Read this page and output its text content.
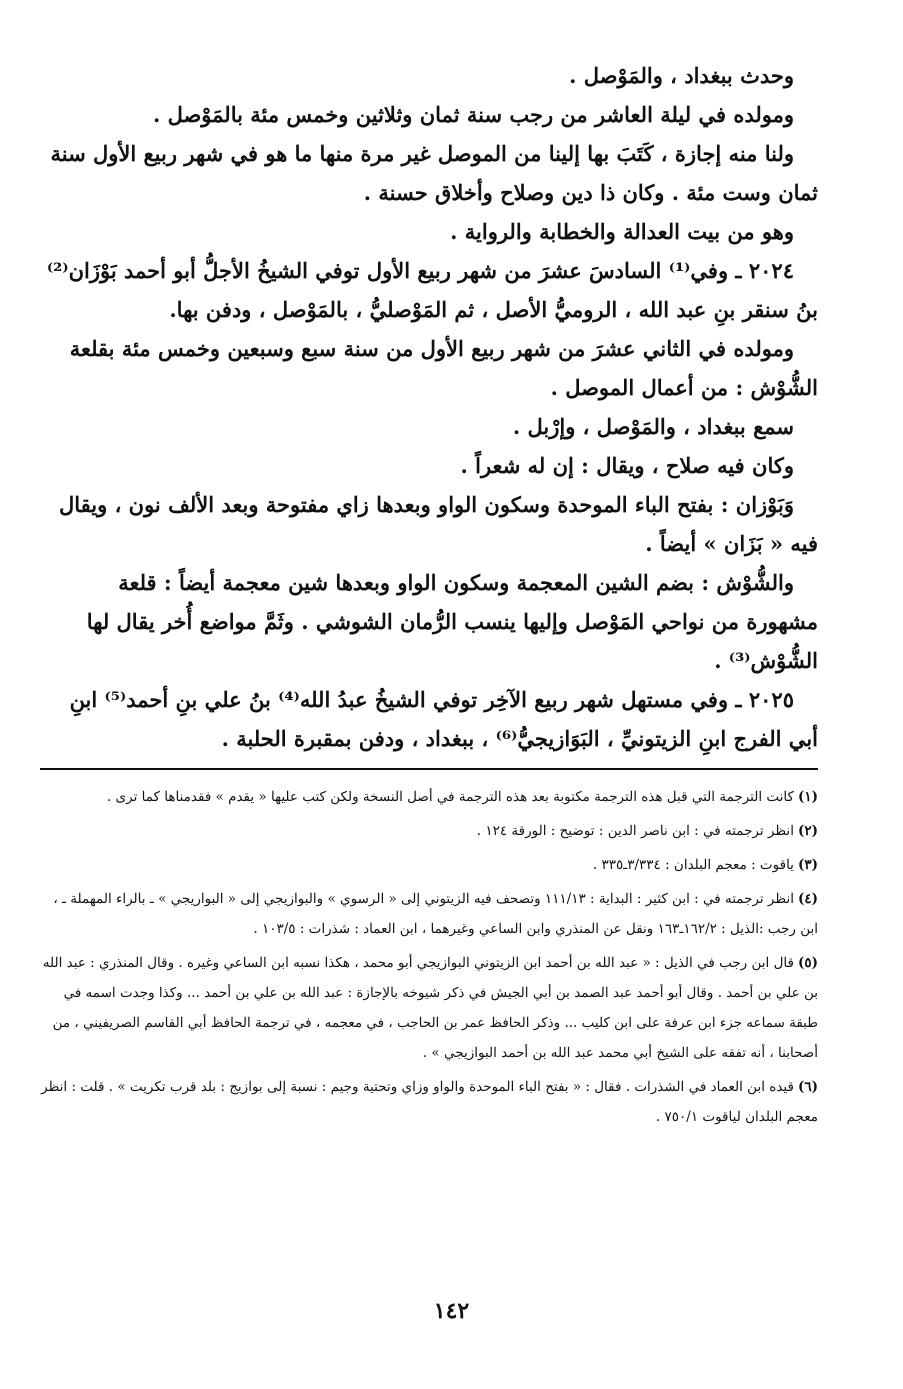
وحدث ببغداد ، والمَوْصل .

ومولده في ليلة العاشر من رجب سنة ثمان وثلاثين وخمس مئة بالمَوْصل .

ولنا منه إجازة ، كَتَبَ بها إلينا من الموصل غير مرة منها ما هو في شهر ربيع الأول سنة ثمان وست مئة . وكان ذا دين وصلاح وأخلاق حسنة .

وهو من بيت العدالة والخطابة والرواية .

٢٠٢٤ ـ وفي⁽¹⁾ السادسَ عشرَ من شهر ربيع الأول توفي الشيخُ الأجلُّ أبو أحمد بَوْزَان⁽²⁾ بنُ سنقر بنِ عبد الله ، الروميُّ الأصل ، ثم المَوْصليُّ ، بالمَوْصل ، ودفن بها.

ومولده في الثاني عشرَ من شهر ربيع الأول من سنة سبع وسبعين وخمس مئة بقلعة الشُّوْش : من أعمال الموصل .

سمع ببغداد ، والمَوْصل ، وإرْبل .

وكان فيه صلاح ، ويقال : إن له شعراً .

وَبَوْزان : بفتح الباء الموحدة وسكون الواو وبعدها زاي مفتوحة وبعد الألف نون ، ويقال فيه « بَزَان » أيضاً .

والشُّوْش : بضم الشين المعجمة وسكون الواو وبعدها شين معجمة أيضاً : قلعة مشهورة من نواحي المَوْصل وإليها ينسب الرُّمان الشوشي . وثَمَّ مواضع أُخر يقال لها الشُّوْش⁽³⁾ .

٢٠٢٥ ـ وفي مستهل شهر ربيع الآخِر توفي الشيخُ عبدُ الله⁽⁴⁾ بنُ علي بنِ أحمد⁽⁵⁾ ابنِ أبي الفرج ابنِ الزيتونيِّ ، البَوَازيجيُّ⁽⁶⁾ ، ببغداد ، ودفن بمقبرة الحلبة .

(١)كانت الترجمة التي قبل هذه الترجمة مكتوبة بعد هذه الترجمة في أصل النسخة ولكن كتب عليها « يقدم » فقدمناها كما ترى .

(٢)انظر ترجمته في : ابن ناصر الدين : توضيح : الورقة ١٢٤ .

(٣)ياقوت : معجم البلدان : ٣/٣٣٤ـ٣٣٥ .

(٤)انظر ترجمته في : ابن كثير : البداية : ١١١/١٣ وتصحف فيه الزيتوني إلى « الرسوي » والبوازيجي إلى « البواريجي » ـ بالراء المهملة ـ ، ابن رجب :الذيل : ١٦٢/٢ـ١٦٣ ونقل عن المنذري وابن الساعي وغيرهما ، ابن العماد : شذرات : ١٠٣/٥ .

(٥)قال ابن رجب في الذيل : « عبد الله بن أحمد ابن الزيتوني البوازيجي أبو محمد ، هكذا نسبه ابن الساعي وغيره . وقال المنذري : عبد الله بن علي بن أحمد . وقال أبو أحمد عبد الصمد بن أبي الجيش في ذكر شيوخه بالإجازة : عبد الله بن علي بن أحمد ... وكذا وجدت اسمه في طبقة سماعه جزء ابن عرفة على ابن كليب ... وذكر الحافظ عمر بن الحاجب ، في معجمه ، في ترجمة الحافظ أبي القاسم الصريفيني ، من أصحابنا ، أنه تفقه على الشيخ أبي محمد عبد الله بن أحمد البوازيجي » .

(٦)قيده ابن العماد في الشذرات . فقال : « بفتح الباء الموحدة والواو وزاي وتحتية وجيم : نسبة إلى بوازيج : بلد قرب تكريت » . قلت : انظر معجم البلدان لياقوت ٧٥٠/١ .

١٤٢
